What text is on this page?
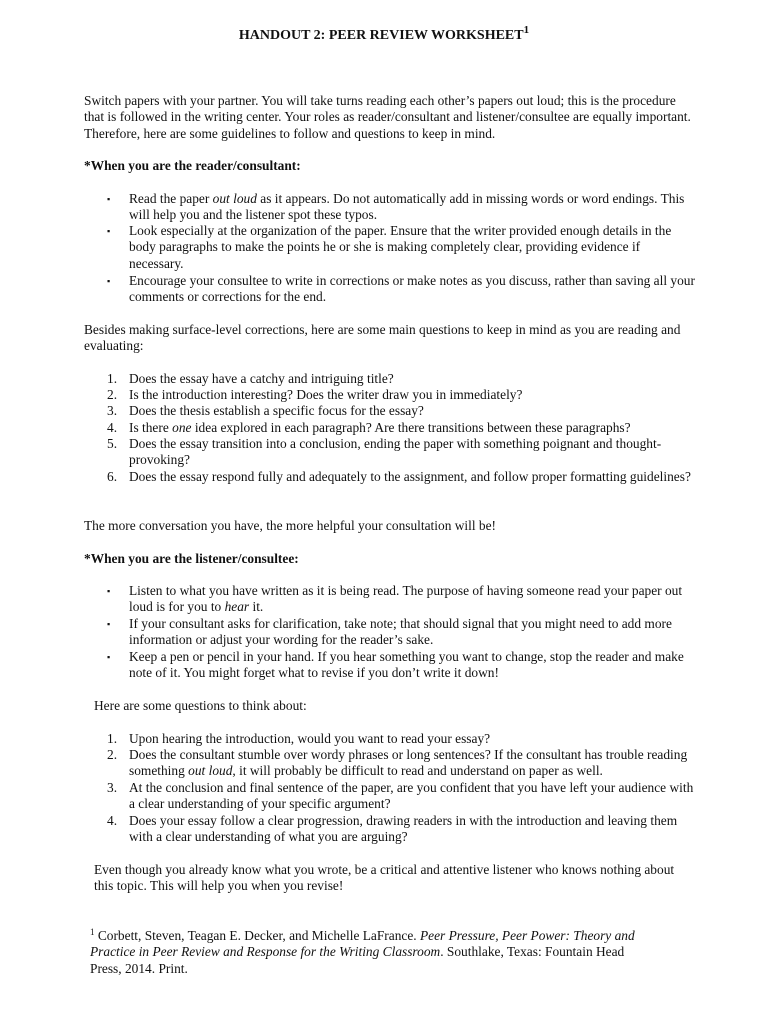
HANDOUT 2: PEER REVIEW WORKSHEET$^1$
Switch papers with your partner. You will take turns reading each other’s papers out loud; this is the procedure that is followed in the writing center. Your roles as reader/consultant and listener/consultee are equally important. Therefore, here are some guidelines to follow and questions to keep in mind.
*When you are the reader/consultant:
▪	Read the paper out loud as it appears. Do not automatically add in missing words or word endings. This will help you and the listener spot these typos.
▪	Look especially at the organization of the paper. Ensure that the writer provided enough details in the body paragraphs to make the points he or she is making completely clear, providing evidence if necessary.
▪	Encourage your consultee to write in corrections or make notes as you discuss, rather than saving all your comments or corrections for the end.
Besides making surface-level corrections, here are some main questions to keep in mind as you are reading and evaluating:
1. Does the essay have a catchy and intriguing title?
2. Is the introduction interesting? Does the writer draw you in immediately?
3. Does the thesis establish a specific focus for the essay?
4. Is there one idea explored in each paragraph? Are there transitions between these paragraphs?
5. Does the essay transition into a conclusion, ending the paper with something poignant and thought-provoking?
6. Does the essay respond fully and adequately to the assignment, and follow proper formatting guidelines?
The more conversation you have, the more helpful your consultation will be!
*When you are the listener/consultee:
▪	Listen to what you have written as it is being read. The purpose of having someone read your paper out loud is for you to hear it.
▪	If your consultant asks for clarification, take note; that should signal that you might need to add more information or adjust your wording for the reader’s sake.
▪	Keep a pen or pencil in your hand. If you hear something you want to change, stop the reader and make note of it. You might forget what to revise if you don’t write it down!
Here are some questions to think about:
1. Upon hearing the introduction, would you want to read your essay?
2. Does the consultant stumble over wordy phrases or long sentences? If the consultant has trouble reading something out loud, it will probably be difficult to read and understand on paper as well.
3. At the conclusion and final sentence of the paper, are you confident that you have left your audience with a clear understanding of your specific argument?
4. Does your essay follow a clear progression, drawing readers in with the introduction and leaving them with a clear understanding of what you are arguing?
Even though you already know what you wrote, be a critical and attentive listener who knows nothing about this topic. This will help you when you revise!
$^1$ Corbett, Steven, Teagan E. Decker, and Michelle LaFrance. Peer Pressure, Peer Power: Theory and Practice in Peer Review and Response for the Writing Classroom. Southlake, Texas: Fountain Head Press, 2014. Print.
